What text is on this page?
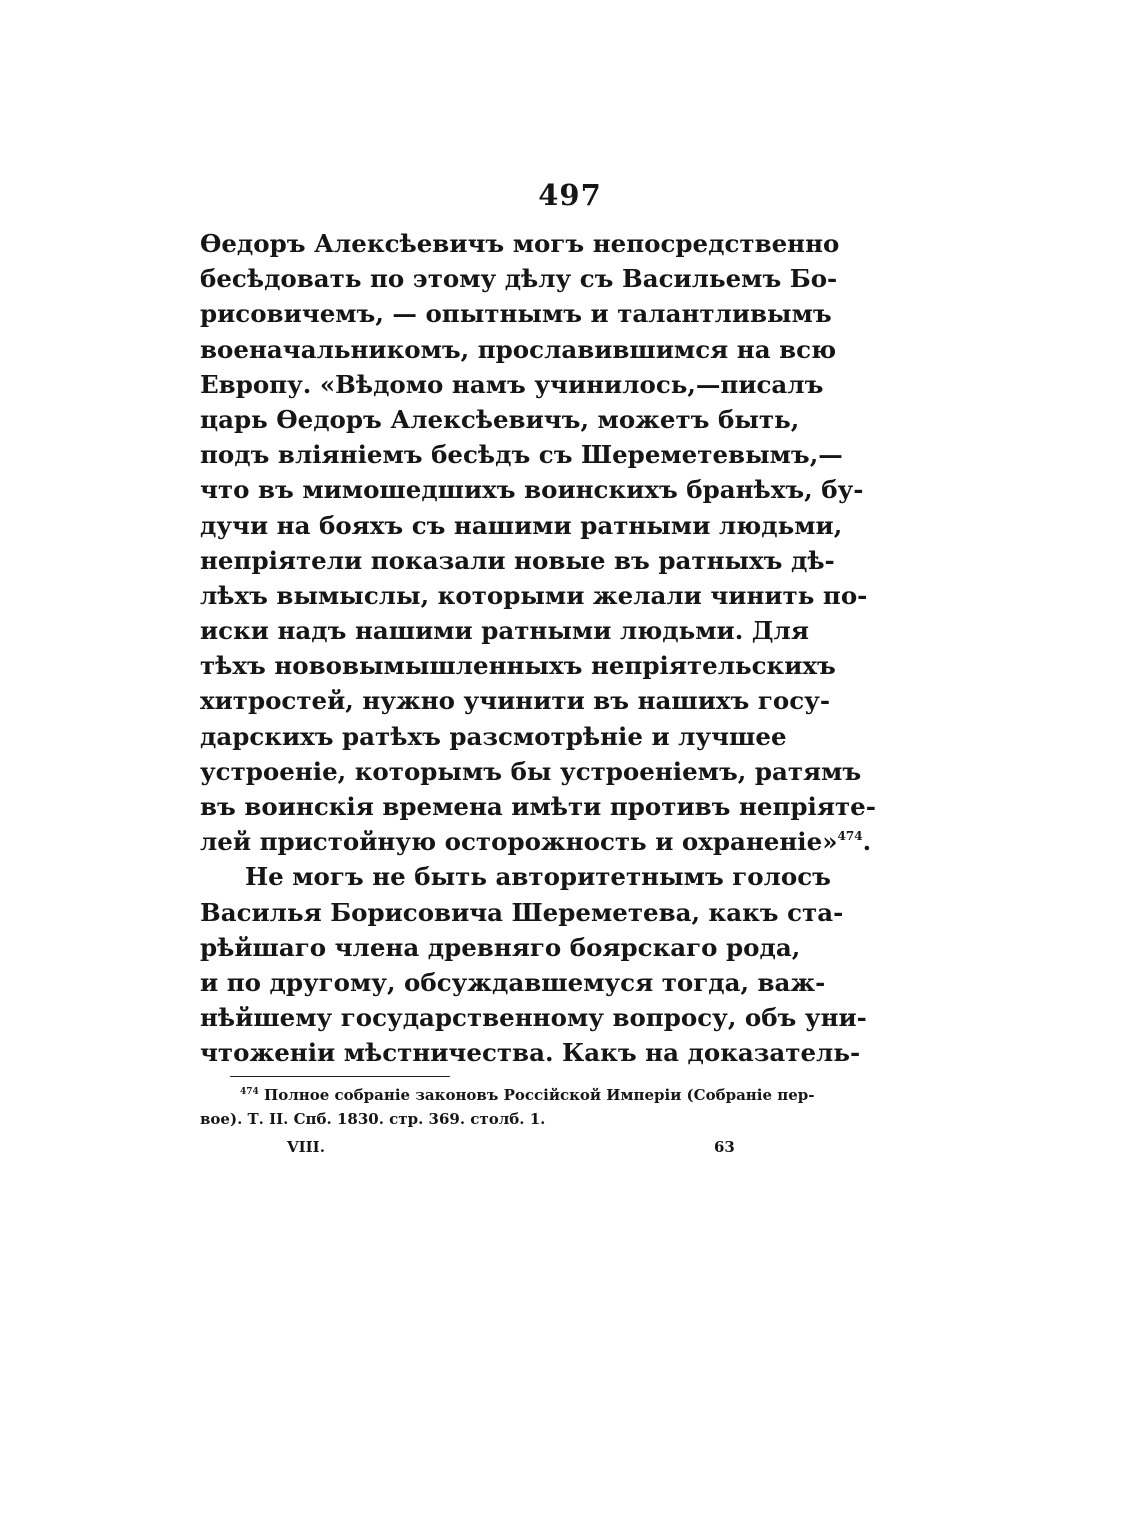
497
Өедоръ Алексѣевичъ могъ непосредственно
бесѣдовать по этому дѣлу съ Васильемъ Бо-
рисовичемъ, — опытнымъ и талантливымъ
военачальникомъ, прославившимся на всю
Европу. «Вѣдомо намъ учинилось,—писалъ
царь Өедоръ Алексѣевичъ, можетъ быть,
подъ вліяніемъ бесѣдъ съ Шереметевымъ,—
что въ мимошедшихъ воинскихъ бранѣхъ, бу-
дучи на бояхъ съ нашими ратными людьми,
непріятели показали новые въ ратныхъ дѣ-
лѣхъ вымыслы, которыми желали чинить по-
иски надъ нашими ратными людьми. Для
тѣхъ нововымышленныхъ непріятельскихъ
хитростей, нужно учинити въ нашихъ госу-
дарскихъ ратѣхъ разсмотрѣніе и лучшее
устроеніе, которымъ бы устроеніемъ, ратямъ
въ воинскія времена имѣти противъ непріяте-
лей пристойную осторожность и охраненіе»$^{474}$.
Не могъ не быть авторитетнымъ голосъ
Василья Борисовича Шереметева, какъ ста-
рѣйшаго члена древняго боярскаго рода,
и по другому, обсуждавшемуся тогда, важ-
нѣйшему государственному вопросу, объ уни-
чтоженіи мѣстничества. Какъ на доказатель-
$^{474}$ Полное собраніе законовъ Россійской Имперіи (Собраніе пер-
вое). Т. II. Спб. 1830. стр. 369. столб. 1.
VIII.	63
